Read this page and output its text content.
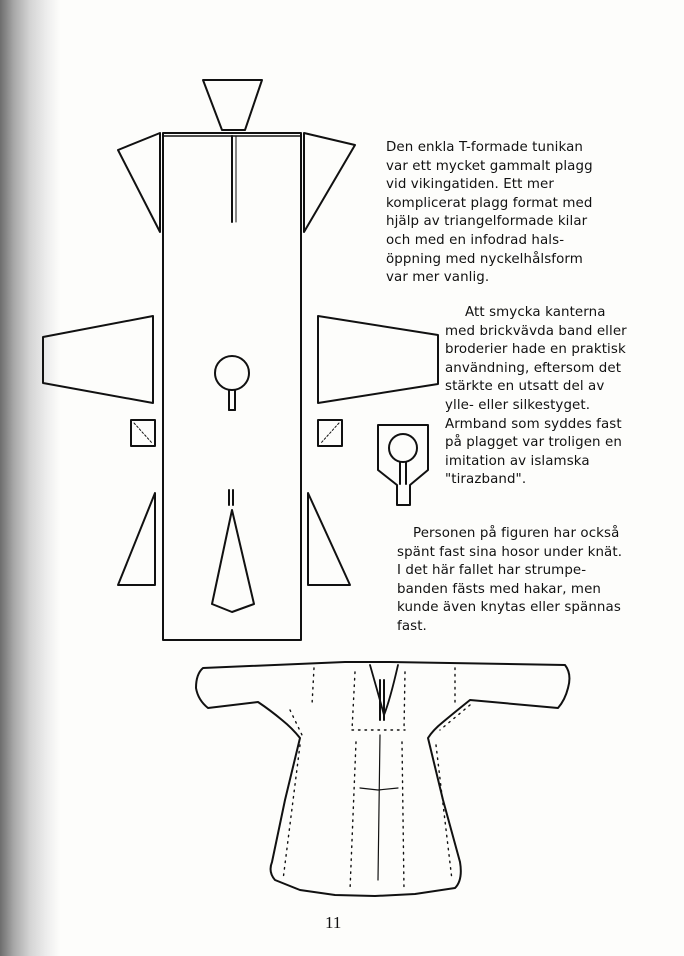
Den enkla T-formade tunikan
var ett mycket gammalt plagg
vid vikingatiden. Ett mer
komplicerat plagg format med
hjälp av triangelformade kilar
och med en infodrad hals-
öppning med nyckelhålsform
var mer vanlig.

Att smycka kanterna
med brickvävda band eller
broderier hade en praktisk
användning, eftersom det
stärkte en utsatt del av
ylle- eller silkestyget.
Armband som syddes fast
på plagget var troligen en
imitation av islamska
"tirazband".

Personen på figuren har också
spänt fast sina hosor under knät.
I det här fallet har strumpe-
banden fästs med hakar, men
kunde även knytas eller spännas
fast.

11
